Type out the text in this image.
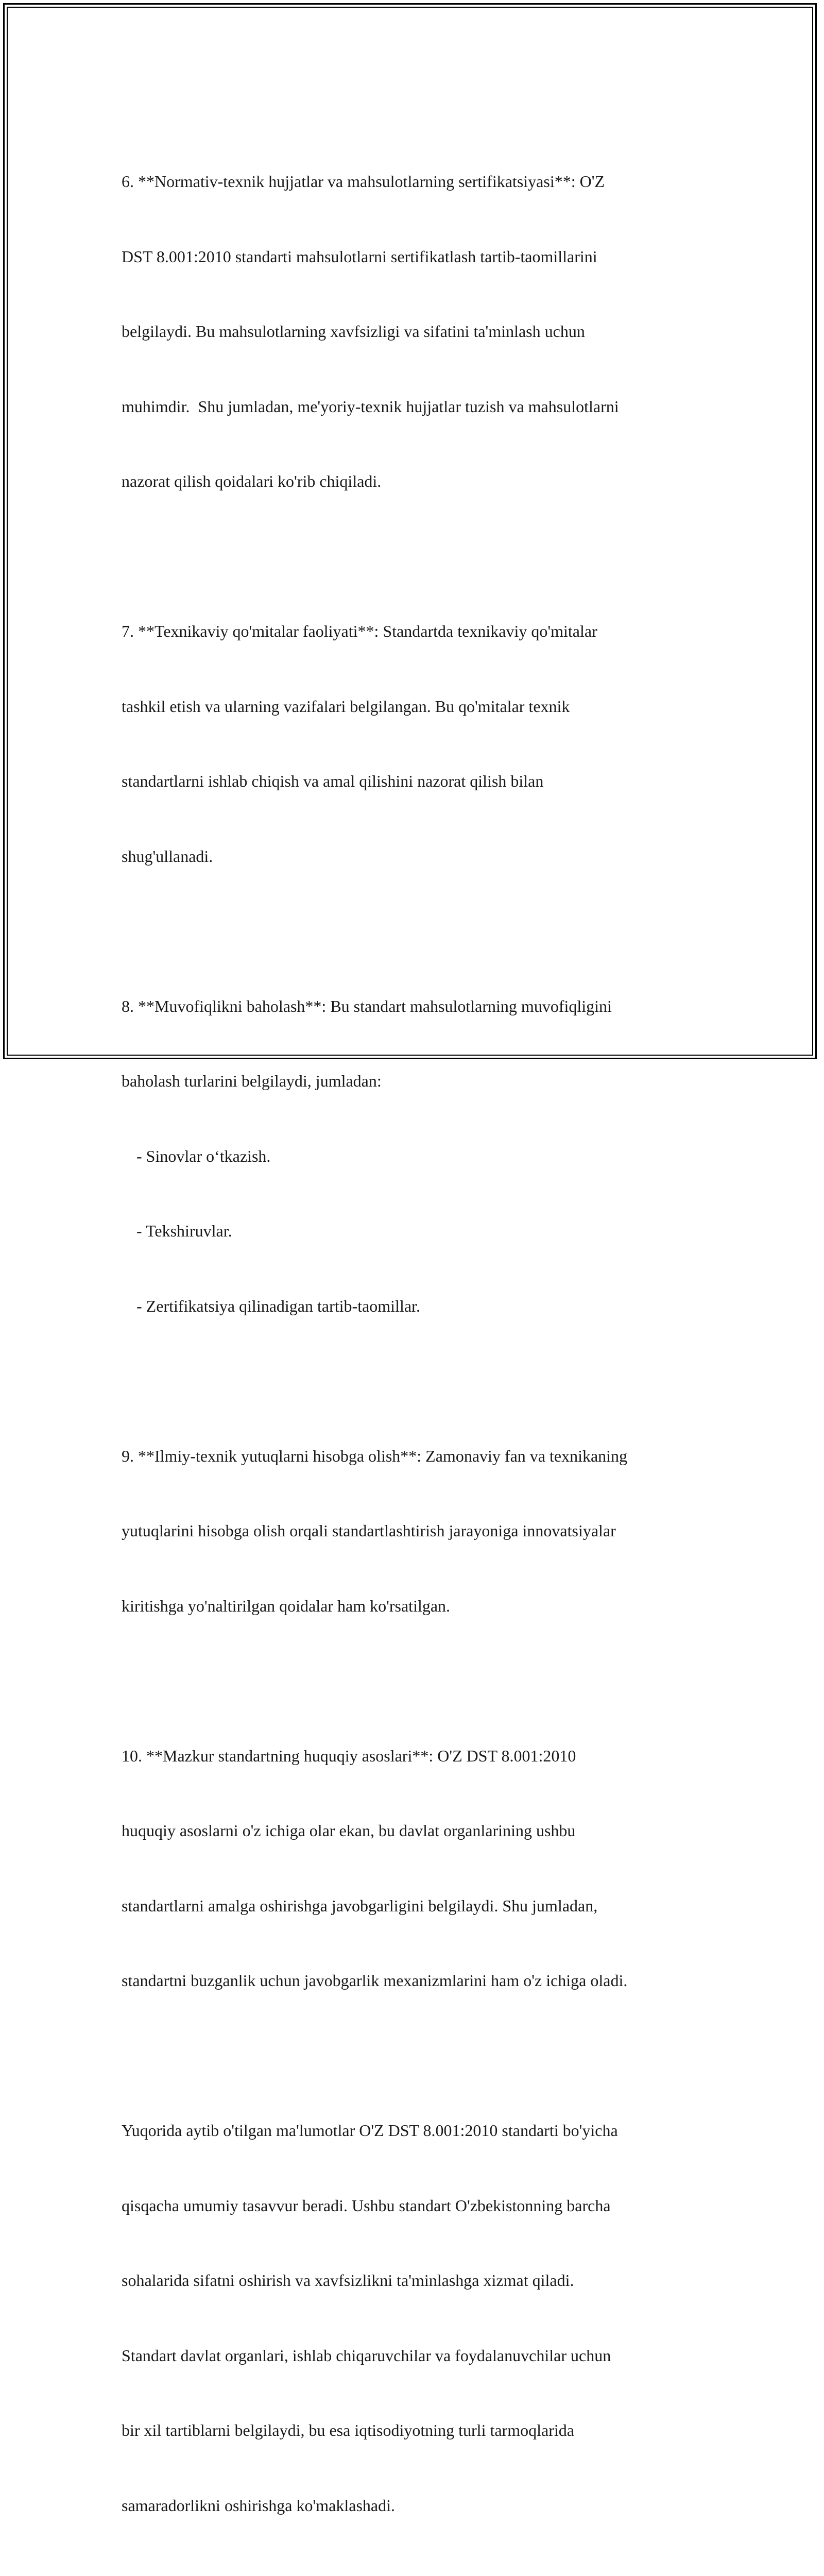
6. **Normativ-texnik hujjatlar va mahsulotlarning sertifikatsiyasi**: O'Z

DST 8.001:2010 standarti mahsulotlarni sertifikatlash tartib-taomillarini

belgilaydi. Bu mahsulotlarning xavfsizligi va sifatini ta'minlash uchun

muhimdir.  Shu jumladan, me'yoriy-texnik hujjatlar tuzish va mahsulotlarni

nazorat qilish qoidalari ko'rib chiqiladi.

7. **Texnikaviy qo'mitalar faoliyati**: Standartda texnikaviy qo'mitalar

tashkil etish va ularning vazifalari belgilangan. Bu qo'mitalar texnik

standartlarni ishlab chiqish va amal qilishini nazorat qilish bilan

shug'ullanadi.

8. **Muvofiqlikni baholash**: Bu standart mahsulotlarning muvofiqligini

baholash turlarini belgilaydi, jumladan:

- Sinovlar o‘tkazish.

- Tekshiruvlar.

- Zertifikatsiya qilinadigan tartib-taomillar.

9. **Ilmiy-texnik yutuqlarni hisobga olish**: Zamonaviy fan va texnikaning

yutuqlarini hisobga olish orqali standartlashtirish jarayoniga innovatsiyalar

kiritishga yo'naltirilgan qoidalar ham ko'rsatilgan.

10. **Mazkur standartning huquqiy asoslari**: O'Z DST 8.001:2010

huquqiy asoslarni o'z ichiga olar ekan, bu davlat organlarining ushbu

standartlarni amalga oshirishga javobgarligini belgilaydi. Shu jumladan,

standartni buzganlik uchun javobgarlik mexanizmlarini ham o'z ichiga oladi.

Yuqorida aytib o'tilgan ma'lumotlar O'Z DST 8.001:2010 standarti bo'yicha

qisqacha umumiy tasavvur beradi. Ushbu standart O'zbekistonning barcha

sohalarida sifatni oshirish va xavfsizlikni ta'minlashga xizmat qiladi.

Standart davlat organlari, ishlab chiqaruvchilar va foydalanuvchilar uchun

bir xil tartiblarni belgilaydi, bu esa iqtisodiyotning turli tarmoqlarida

samaradorlikni oshirishga ko'maklashadi.
